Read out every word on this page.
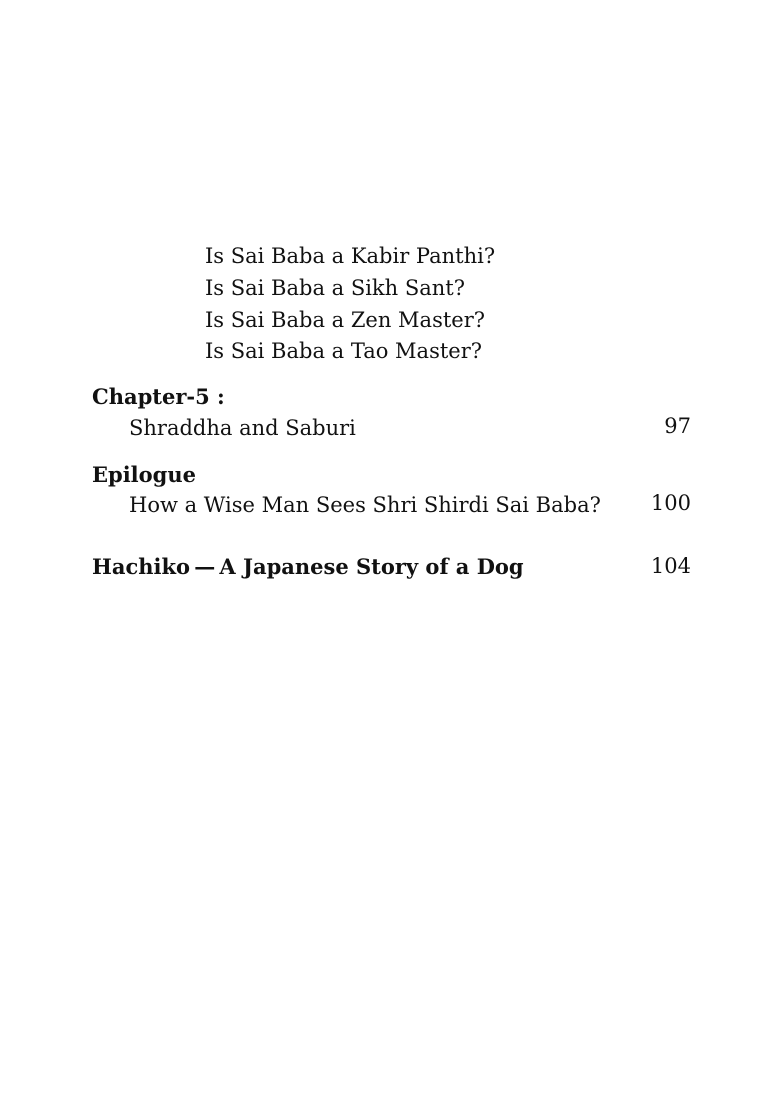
Is Sai Baba a Kabir Panthi?
Is Sai Baba a Sikh Sant?
Is Sai Baba a Zen Master?
Is Sai Baba a Tao Master?
Chapter-5 :
Shraddha and Saburi	97
Epilogue
How a Wise Man Sees Shri Shirdi Sai Baba? 100
Hachiko — A Japanese Story of a Dog	104
